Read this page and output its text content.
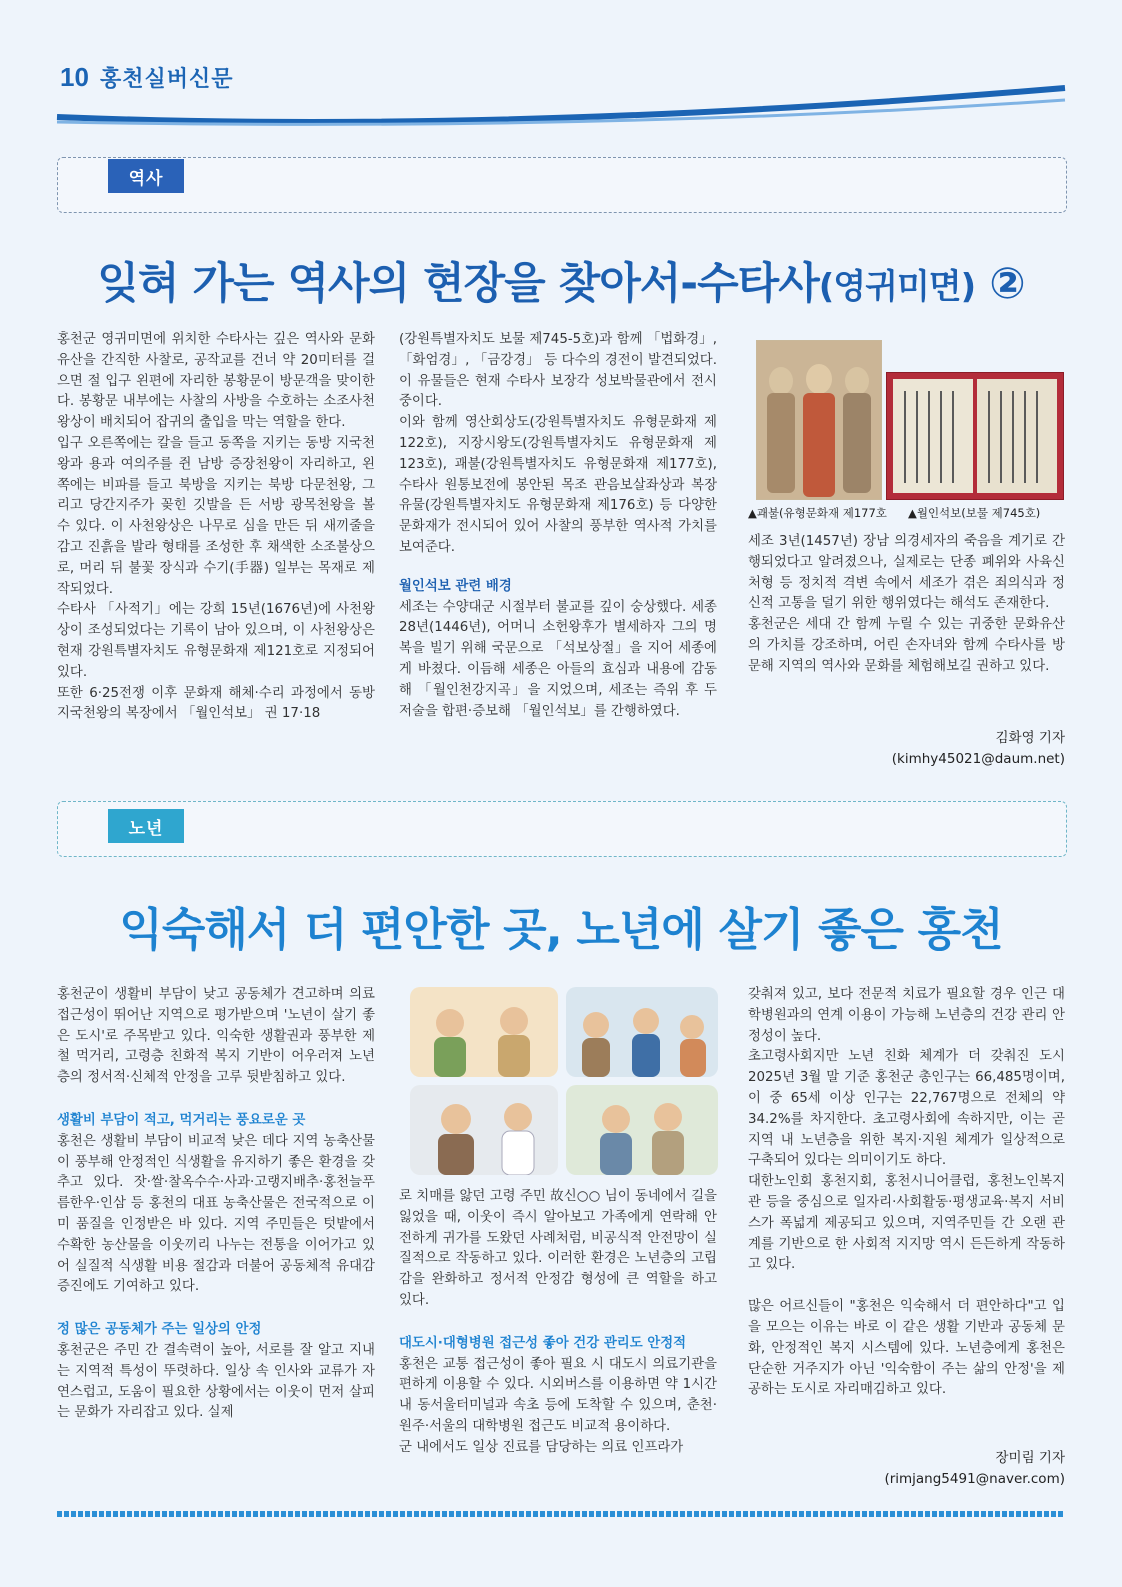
10 홍천실버신문
역사
잊혀 가는 역사의 현장을 찾아서-수타사(영귀미면) ②

홍천군 영귀미면에 위치한 수타사는 깊은 역사와 문화유산을 간직한 사찰로, 공작교를 건너 약 20미터를 걸으면 절 입구 왼편에 자리한 봉황문이 방문객을 맞이한다. 봉황문 내부에는 사찰의 사방을 수호하는 소조사천왕상이 배치되어 잡귀의 출입을 막는 역할을 한다.

입구 오른쪽에는 칼을 들고 동쪽을 지키는 동방 지국천왕과 용과 여의주를 쥔 남방 증장천왕이 자리하고, 왼쪽에는 비파를 들고 북방을 지키는 북방 다문천왕, 그리고 당간지주가 꽂힌 깃발을 든 서방 광목천왕을 볼 수 있다. 이 사천왕상은 나무로 심을 만든 뒤 새끼줄을 감고 진흙을 발라 형태를 조성한 후 채색한 소조불상으로, 머리 뒤 불꽃 장식과 수기(手器) 일부는 목재로 제작되었다.

수타사 「사적기」에는 강희 15년(1676년)에 사천왕상이 조성되었다는 기록이 남아 있으며, 이 사천왕상은 현재 강원특별자치도 유형문화재 제121호로 지정되어 있다.

또한 6·25전쟁 이후 문화재 해체·수리 과정에서 동방 지국천왕의 복장에서 「월인석보」 권 17·18

(강원특별자치도 보물 제745-5호)과 함께 「법화경」, 「화엄경」, 「금강경」 등 다수의 경전이 발견되었다. 이 유물들은 현재 수타사 보장각 성보박물관에서 전시 중이다.

이와 함께 영산회상도(강원특별자치도 유형문화재 제122호), 지장시왕도(강원특별자치도 유형문화재 제123호), 괘불(강원특별자치도 유형문화재 제177호), 수타사 원통보전에 봉안된 목조 관음보살좌상과 복장유물(강원특별자치도 유형문화재 제176호) 등 다양한 문화재가 전시되어 있어 사찰의 풍부한 역사적 가치를 보여준다.

월인석보 관련 배경

세조는 수양대군 시절부터 불교를 깊이 숭상했다. 세종 28년(1446년), 어머니 소헌왕후가 별세하자 그의 명복을 빌기 위해 국문으로 「석보상절」을 지어 세종에게 바쳤다. 이듬해 세종은 아들의 효심과 내용에 감동해 「월인천강지곡」을 지었으며, 세조는 즉위 후 두 저술을 합편·증보해 「월인석보」를 간행하였다.

▲괘불(유형문화재 제177호 ▲월인석보(보물 제745호)

세조 3년(1457년) 장남 의경세자의 죽음을 계기로 간행되었다고 알려졌으나, 실제로는 단종 폐위와 사육신 처형 등 정치적 격변 속에서 세조가 겪은 죄의식과 정신적 고통을 덜기 위한 행위였다는 해석도 존재한다.

홍천군은 세대 간 함께 누릴 수 있는 귀중한 문화유산의 가치를 강조하며, 어린 손자녀와 함께 수타사를 방문해 지역의 역사와 문화를 체험해보길 권하고 있다.

김화영 기자
(kimhy45021@daum.net)
노년
익숙해서 더 편안한 곳, 노년에 살기 좋은 홍천

홍천군이 생활비 부담이 낮고 공동체가 견고하며 의료 접근성이 뛰어난 지역으로 평가받으며 '노년이 살기 좋은 도시'로 주목받고 있다. 익숙한 생활권과 풍부한 제철 먹거리, 고령층 친화적 복지 기반이 어우러져 노년층의 정서적·신체적 안정을 고루 뒷받침하고 있다.

생활비 부담이 적고, 먹거리는 풍요로운 곳

홍천은 생활비 부담이 비교적 낮은 데다 지역 농축산물이 풍부해 안정적인 식생활을 유지하기 좋은 환경을 갖추고 있다. 잣·쌀·찰옥수수·사과·고랭지배추·홍천늘푸름한우·인삼 등 홍천의 대표 농축산물은 전국적으로 이미 품질을 인정받은 바 있다. 지역 주민들은 텃밭에서 수확한 농산물을 이웃끼리 나누는 전통을 이어가고 있어 실질적 식생활 비용 절감과 더불어 공동체적 유대감 증진에도 기여하고 있다.

정 많은 공동체가 주는 일상의 안정

홍천군은 주민 간 결속력이 높아, 서로를 잘 알고 지내는 지역적 특성이 뚜렷하다. 일상 속 인사와 교류가 자연스럽고, 도움이 필요한 상황에서는 이웃이 먼저 살피는 문화가 자리잡고 있다. 실제

로 치매를 앓던 고령 주민 故신○○ 님이 동네에서 길을 잃었을 때, 이웃이 즉시 알아보고 가족에게 연락해 안전하게 귀가를 도왔던 사례처럼, 비공식적 안전망이 실질적으로 작동하고 있다. 이러한 환경은 노년층의 고립감을 완화하고 정서적 안정감 형성에 큰 역할을 하고 있다.

대도시·대형병원 접근성 좋아 건강 관리도 안정적

홍천은 교통 접근성이 좋아 필요 시 대도시 의료기관을 편하게 이용할 수 있다. 시외버스를 이용하면 약 1시간 내 동서울터미널과 속초 등에 도착할 수 있으며, 춘천·원주·서울의 대학병원 접근도 비교적 용이하다.

군 내에서도 일상 진료를 담당하는 의료 인프라가

갖춰져 있고, 보다 전문적 치료가 필요할 경우 인근 대학병원과의 연계 이용이 가능해 노년층의 건강 관리 안정성이 높다.

초고령사회지만 노년 친화 체계가 더 갖춰진 도시 2025년 3월 말 기준 홍천군 총인구는 66,485명이며, 이 중 65세 이상 인구는 22,767명으로 전체의 약 34.2%를 차지한다. 초고령사회에 속하지만, 이는 곧 지역 내 노년층을 위한 복지·지원 체계가 일상적으로 구축되어 있다는 의미이기도 하다.

대한노인회 홍천지회, 홍천시니어클럽, 홍천노인복지관 등을 중심으로 일자리·사회활동·평생교육·복지 서비스가 폭넓게 제공되고 있으며, 지역주민들 간 오랜 관계를 기반으로 한 사회적 지지망 역시 든든하게 작동하고 있다.

많은 어르신들이 "홍천은 익숙해서 더 편안하다"고 입을 모으는 이유는 바로 이 같은 생활 기반과 공동체 문화, 안정적인 복지 시스템에 있다. 노년층에게 홍천은 단순한 거주지가 아닌 '익숙함이 주는 삶의 안정'을 제공하는 도시로 자리매김하고 있다.

장미림 기자
(rimjang5491@naver.com)
